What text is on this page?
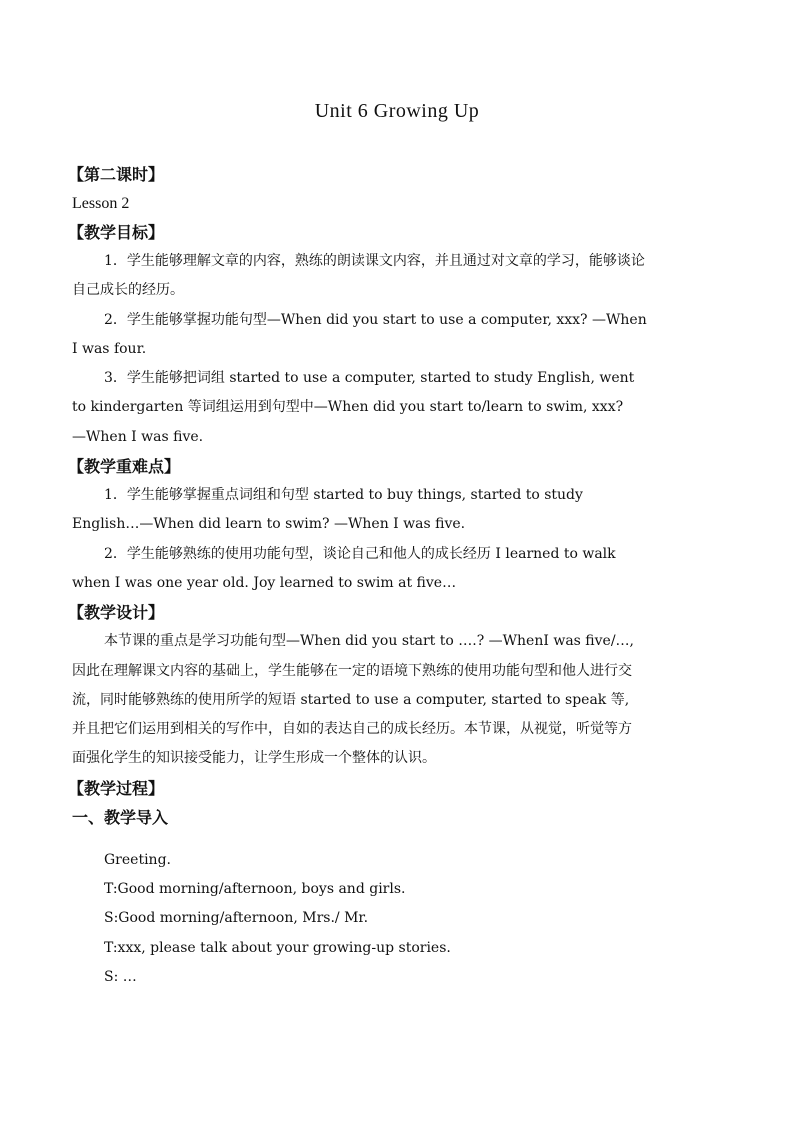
Unit 6 Growing Up
【第二课时】
Lesson 2
【教学目标】
1．学生能够理解文章的内容，熟练的朗读课文内容，并且通过对文章的学习，能够谈论
自己成长的经历。
2．学生能够掌握功能句型—When did you start to use a computer, xxx? —When
I was four.
3．学生能够把词组 started to use a computer, started to study English, went
to kindergarten 等词组运用到句型中—When did you start to/learn to swim, xxx?
—When I was five.
【教学重难点】
1．学生能够掌握重点词组和句型 started to buy things, started to study
English…—When did learn to swim? —When I was five.
2．学生能够熟练的使用功能句型，谈论自己和他人的成长经历 I learned to walk
when I was one year old. Joy learned to swim at five…
【教学设计】
本节课的重点是学习功能句型—When did you start to ….? —WhenI was five/…,
因此在理解课文内容的基础上，学生能够在一定的语境下熟练的使用功能句型和他人进行交
流，同时能够熟练的使用所学的短语 started to use a computer, started to speak 等,
并且把它们运用到相关的写作中，自如的表达自己的成长经历。本节课，从视觉，听觉等方
面强化学生的知识接受能力，让学生形成一个整体的认识。
【教学过程】
一、教学导入
Greeting.
T:Good morning/afternoon, boys and girls.
S:Good morning/afternoon, Mrs./ Mr.
T:xxx, please talk about your growing-up stories.
S: …
